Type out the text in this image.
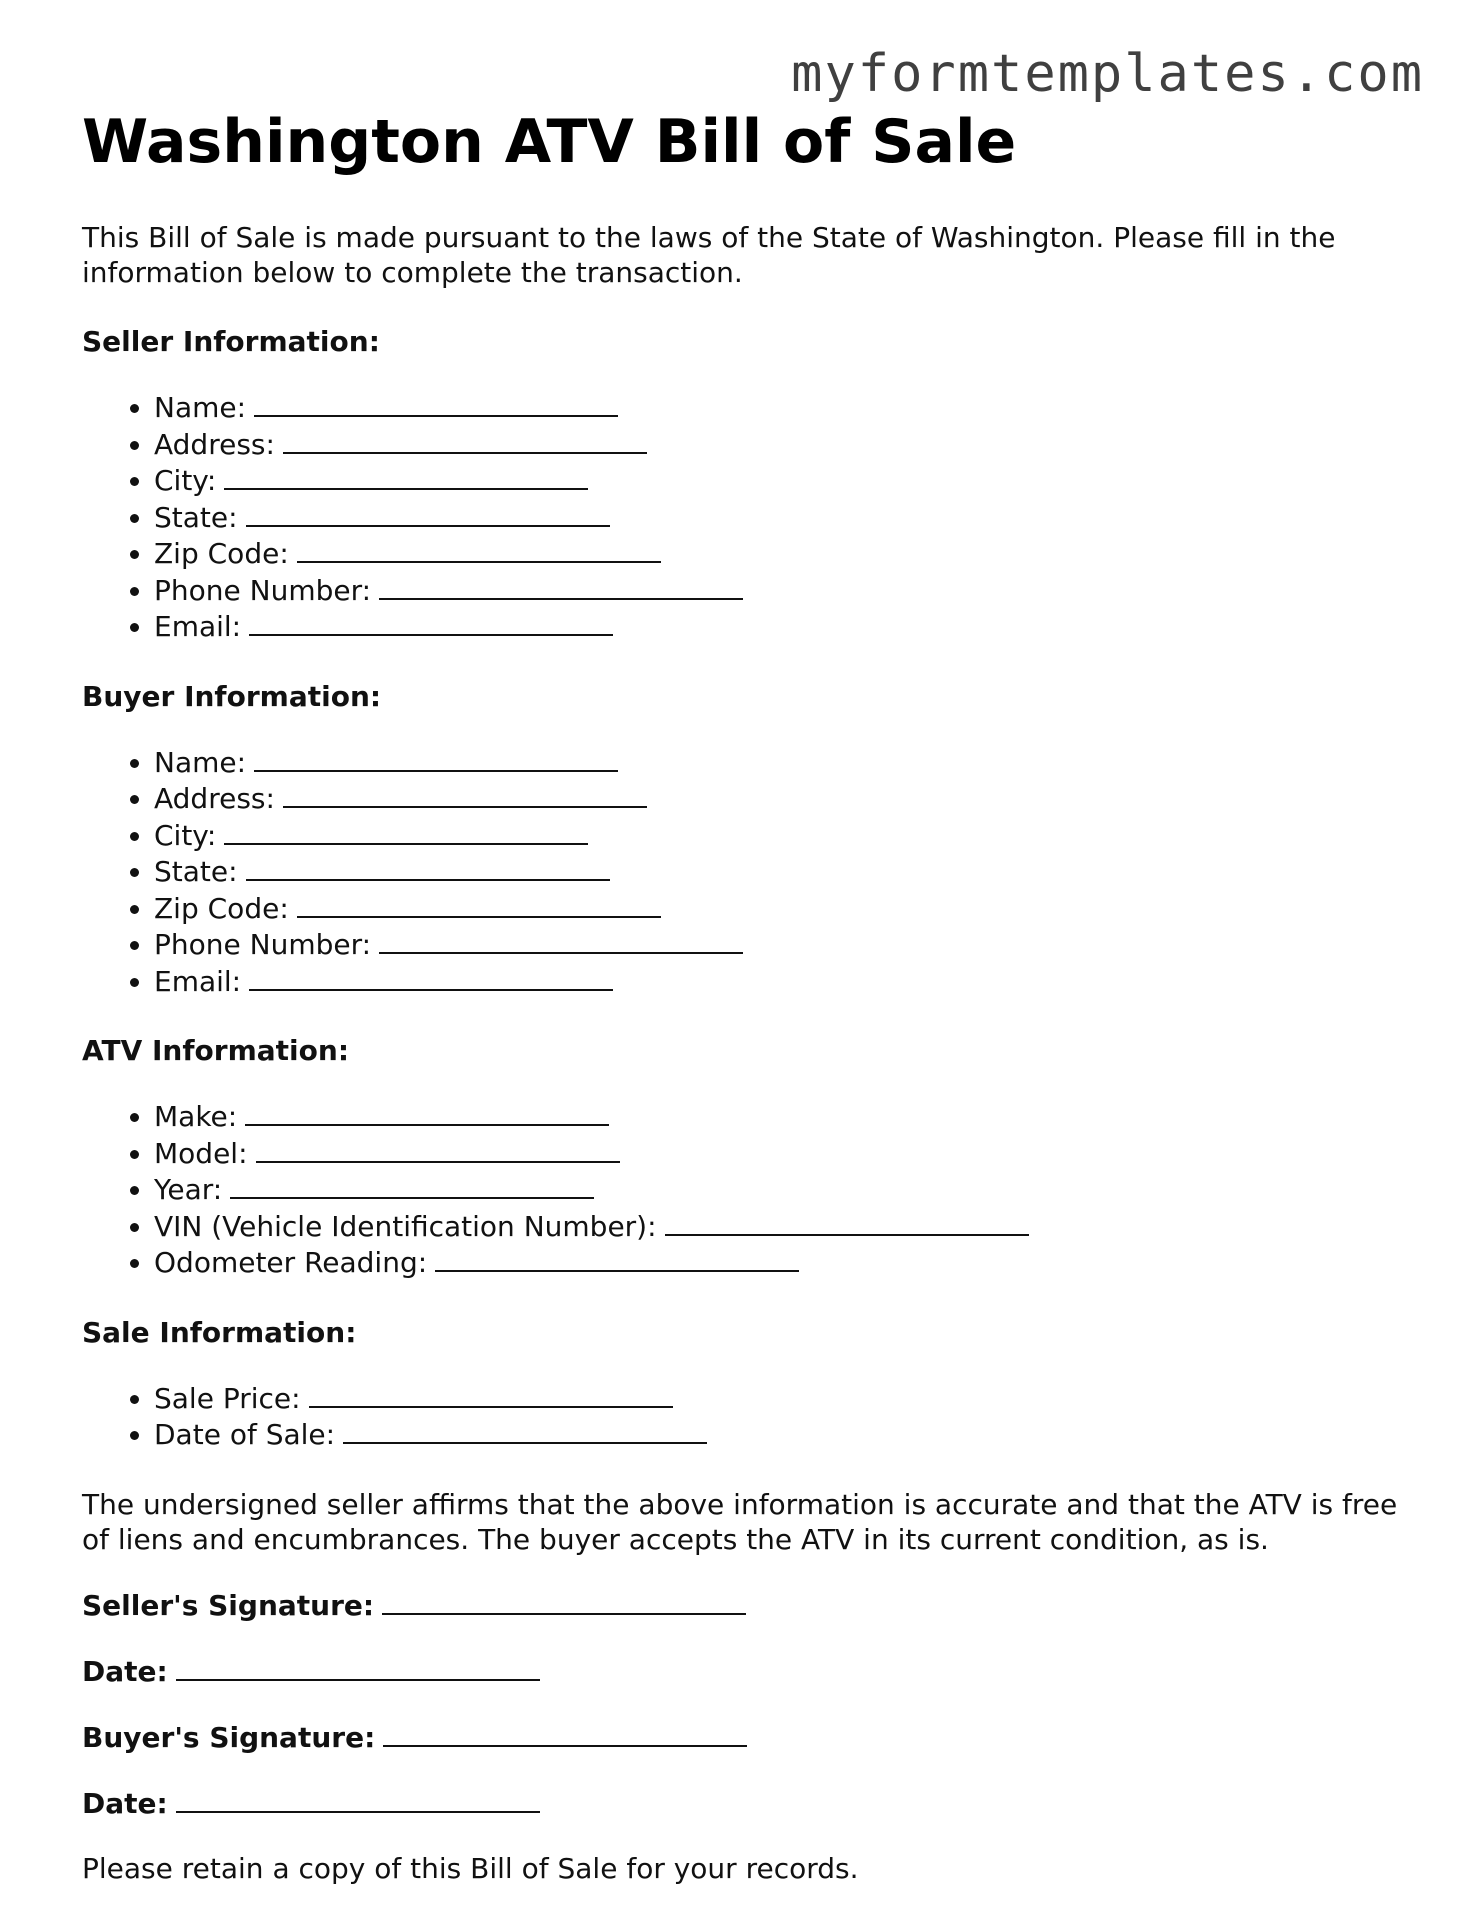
myformtemplates.com
Washington ATV Bill of Sale

This Bill of Sale is made pursuant to the laws of the State of Washington. Please fill in the information below to complete the transaction.

Seller Information:
• Name:
• Address:
• City:
• State:
• Zip Code:
• Phone Number:
• Email:
Buyer Information:
• Name:
• Address:
• City:
• State:
• Zip Code:
• Phone Number:
• Email:
ATV Information:
• Make:
• Model:
• Year:
• VIN (Vehicle Identification Number):
• Odometer Reading:
Sale Information:
• Sale Price:
• Date of Sale:

The undersigned seller affirms that the above information is accurate and that the ATV is free of liens and encumbrances. The buyer accepts the ATV in its current condition, as is.

Seller's Signature:
Date:
Buyer's Signature:
Date:

Please retain a copy of this Bill of Sale for your records.
